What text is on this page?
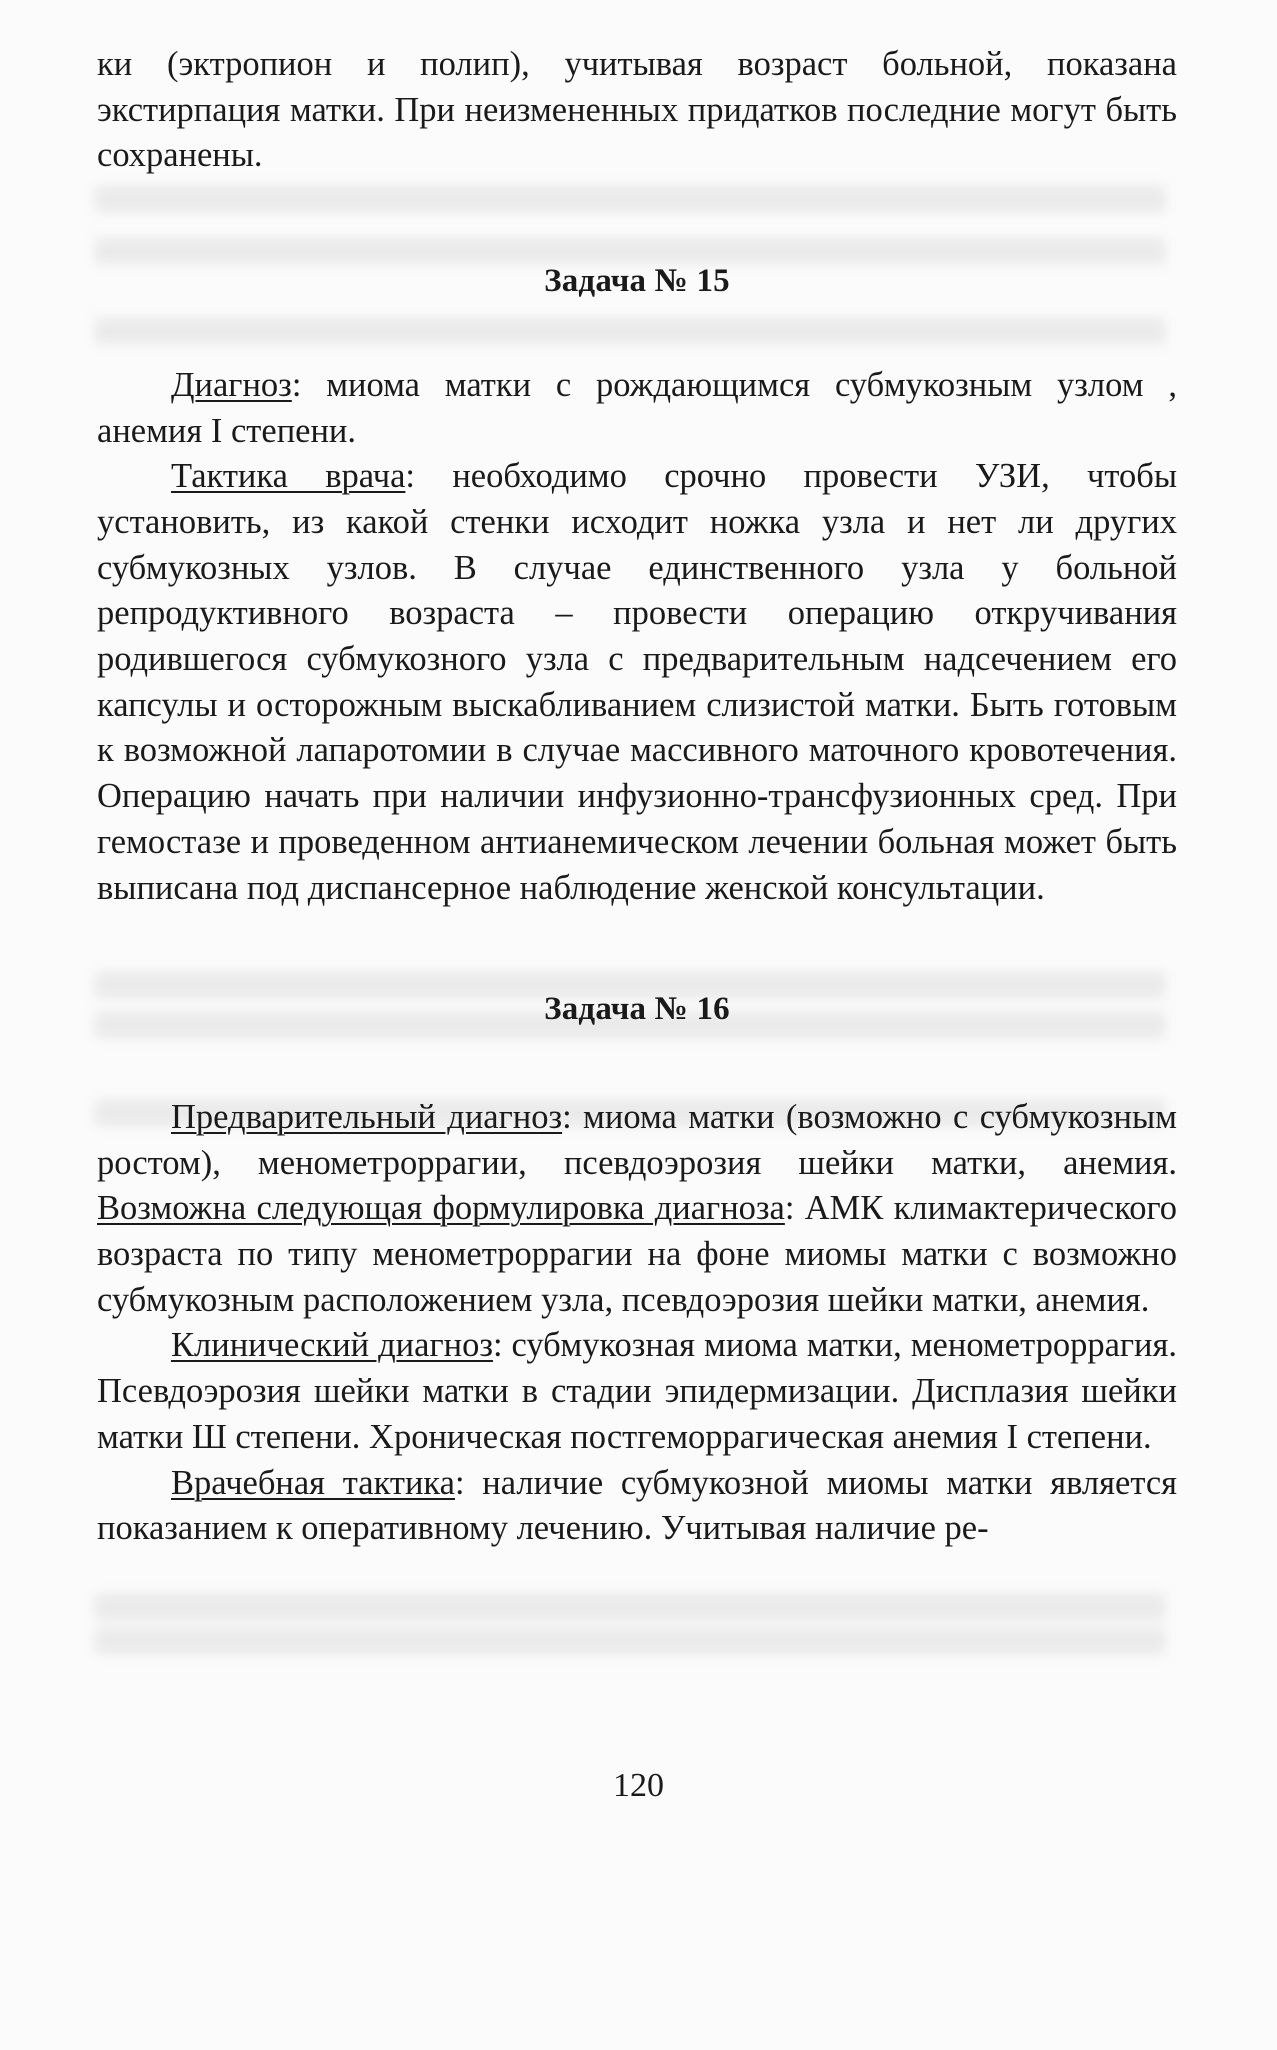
ки (эктропион и полип), учитывая возраст больной, показана экстирпация матки. При неизмененных придатков последние могут быть сохранены.

Задача № 15

Диагноз: миома матки с рождающимся субмукозным узлом , анемия I степени.

Тактика врача: необходимо срочно провести УЗИ, чтобы установить, из какой стенки исходит ножка узла и нет ли других субмукозных узлов. В случае единственного узла у больной репродуктивного возраста – провести операцию откручивания родившегося субмукозного узла с предварительным надсечением его капсулы и осторожным выскабливанием слизистой матки. Быть готовым к возможной лапаротомии в случае массивного маточного кровотечения. Операцию начать при наличии инфузионно-трансфузионных сред. При гемостазе и проведенном антианемическом лечении больная может быть выписана под диспансерное наблюдение женской консультации.

Задача № 16

Предварительный диагноз: миома матки (возможно с субмукозным ростом), менометроррагии, псевдоэрозия шейки матки, анемия. Возможна следующая формулировка диагноза: АМК климактерического возраста по типу менометроррагии на фоне миомы матки с возможно субмукозным расположением узла, псевдоэрозия шейки матки, анемия.

Клинический диагноз: субмукозная миома матки, менометроррагия. Псевдоэрозия шейки матки в стадии эпидермизации. Дисплазия шейки матки Ш степени. Хроническая постгеморрагическая анемия I степени.

Врачебная тактика: наличие субмукозной миомы матки является показанием к оперативному лечению. Учитывая наличие ре-

120
